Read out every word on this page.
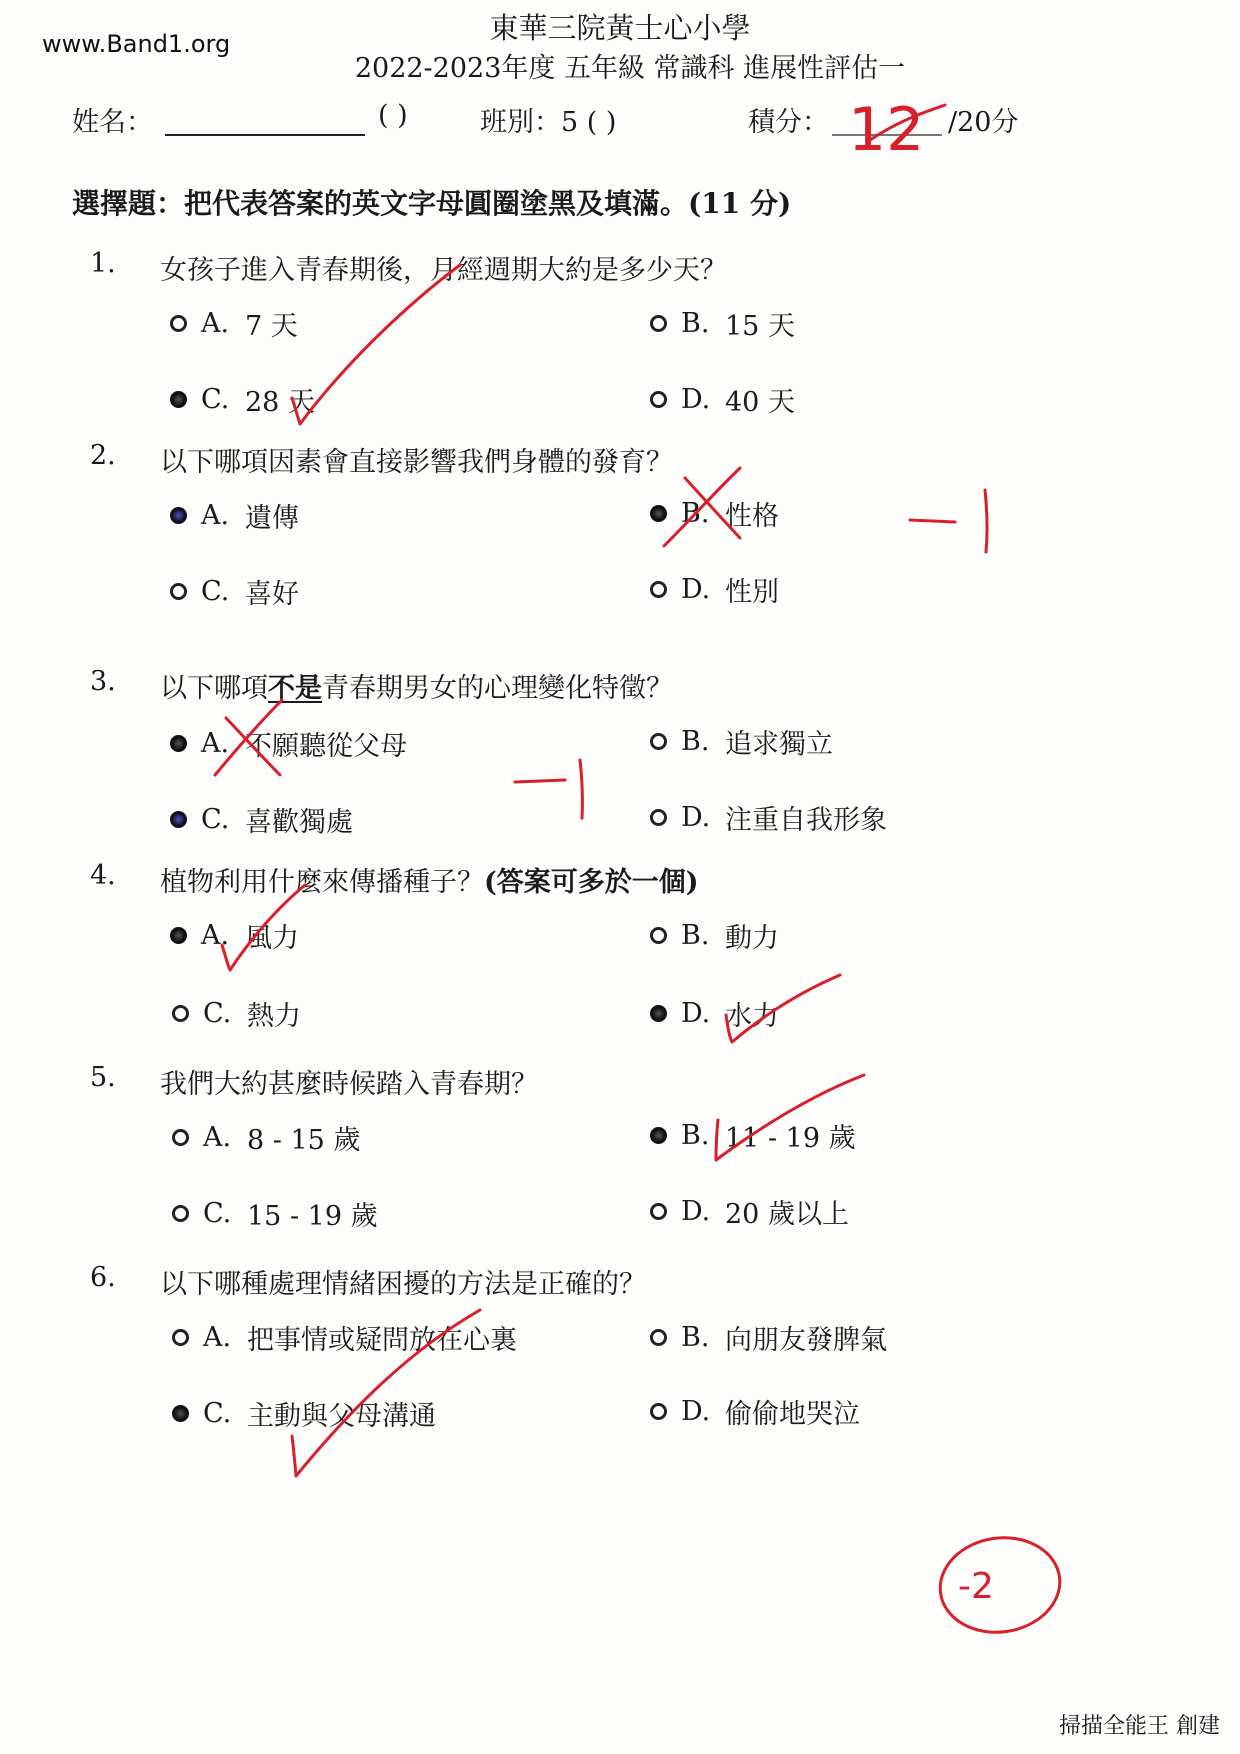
www.Band1.org	東華三院黃士心小學
2022-2023年度 五年級 常識科 進展性評估一
姓名：	( )	班別：5 ( )	積分：	/20分
選擇題：把代表答案的英文字母圓圈塗黑及填滿。(11 分)
1. 女孩子進入青春期後，月經週期大約是多少天？
A. 7 天	B. 15 天
C. 28 天	D. 40 天
2. 以下哪項因素會直接影響我們身體的發育？
A. 遺傳	B. 性格
C. 喜好	D. 性別
3. 以下哪項不是青春期男女的心理變化特徵？
A. 不願聽從父母	B. 追求獨立
C. 喜歡獨處	D. 注重自我形象
4. 植物利用什麼來傳播種子？(答案可多於一個)
A. 風力	B. 動力
C. 熱力	D. 水力
5. 我們大約甚麼時候踏入青春期？
A. 8 - 15 歲	B. 11 - 19 歲
C. 15 - 19 歲	D. 20 歲以上
6. 以下哪種處理情緒困擾的方法是正確的？
A. 把事情或疑問放在心裏	B. 向朋友發脾氣
C. 主動與父母溝通	D. 偷偷地哭泣
12
-2
-1
-1
掃描全能王 創建
